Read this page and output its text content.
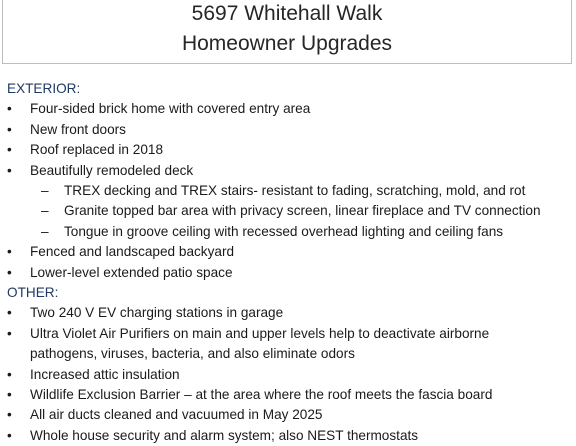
5697 Whitehall Walk

Homeowner Upgrades

EXTERIOR:

•	Four-sided brick home with covered entry area

•	New front doors

•	Roof replaced in 2018

•	Beautifully remodeled deck

– TREX decking and TREX stairs- resistant to fading, scratching, mold, and rot

– Granite topped bar area with privacy screen, linear fireplace and TV connection

– Tongue in groove ceiling with recessed overhead lighting and ceiling fans

•	Fenced and landscaped backyard

•	Lower-level extended patio space

OTHER:

•	Two 240 V EV charging stations in garage

•	Ultra Violet Air Purifiers on main and upper levels help to deactivate airborne pathogens, viruses, bacteria, and also eliminate odors

•	Increased attic insulation

•	Wildlife Exclusion Barrier – at the area where the roof meets the fascia board

•	All air ducts cleaned and vacuumed in May 2025

•	Whole house security and alarm system; also NEST thermostats
